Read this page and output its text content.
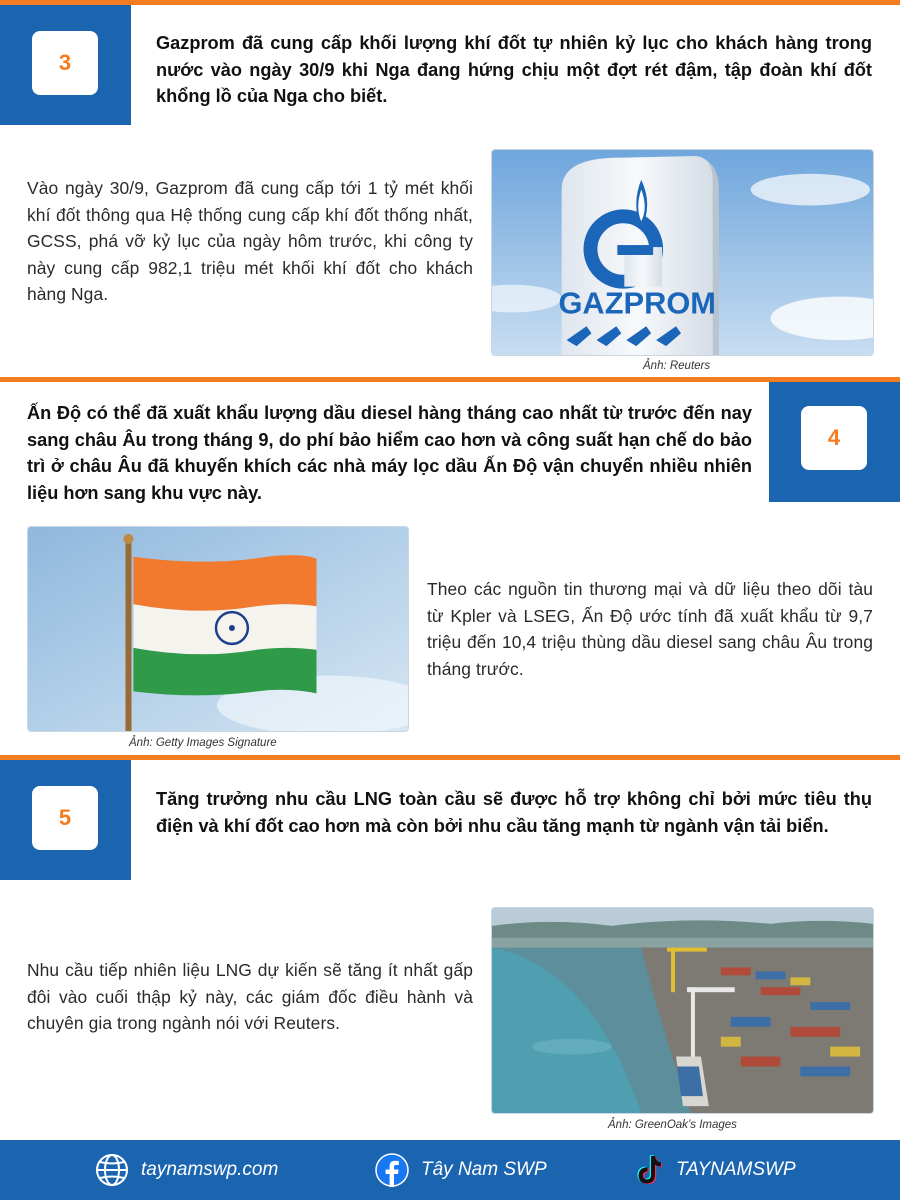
3
Gazprom đã cung cấp khối lượng khí đốt tự nhiên kỷ lục cho khách hàng trong nước vào ngày 30/9 khi Nga đang hứng chịu một đợt rét đậm, tập đoàn khí đốt khổng lồ của Nga cho biết.
Vào ngày 30/9, Gazprom đã cung cấp tới 1 tỷ mét khối khí đốt thông qua Hệ thống cung cấp khí đốt thống nhất, GCSS, phá vỡ kỷ lục của ngày hôm trước, khi công ty này cung cấp 982,1 triệu mét khối khí đốt cho khách hàng Nga.	GAZPROM
Ảnh: Reuters
4
Ấn Độ có thể đã xuất khẩu lượng dầu diesel hàng tháng cao nhất từ trước đến nay sang châu Âu trong tháng 9, do phí bảo hiểm cao hơn và công suất hạn chế do bảo trì ở châu Âu đã khuyến khích các nhà máy lọc dầu Ấn Độ vận chuyển nhiều nhiên liệu hơn sang khu vực này.
Ảnh: Getty Images Signature
Theo các nguồn tin thương mại và dữ liệu theo dõi tàu từ Kpler và LSEG, Ấn Độ ước tính đã xuất khẩu từ 9,7 triệu đến 10,4 triệu thùng dầu diesel sang châu Âu trong tháng trước.
5
Tăng trưởng nhu cầu LNG toàn cầu sẽ được hỗ trợ không chỉ bởi mức tiêu thụ điện và khí đốt cao hơn mà còn bởi nhu cầu tăng mạnh từ ngành vận tải biển.
Nhu cầu tiếp nhiên liệu LNG dự kiến sẽ tăng ít nhất gấp đôi vào cuối thập kỷ này, các giám đốc điều hành và chuyên gia trong ngành nói với Reuters.
Ảnh: GreenOak’s Images
taynamswp.com	Tây Nam SWP	TAYNAMSWP
